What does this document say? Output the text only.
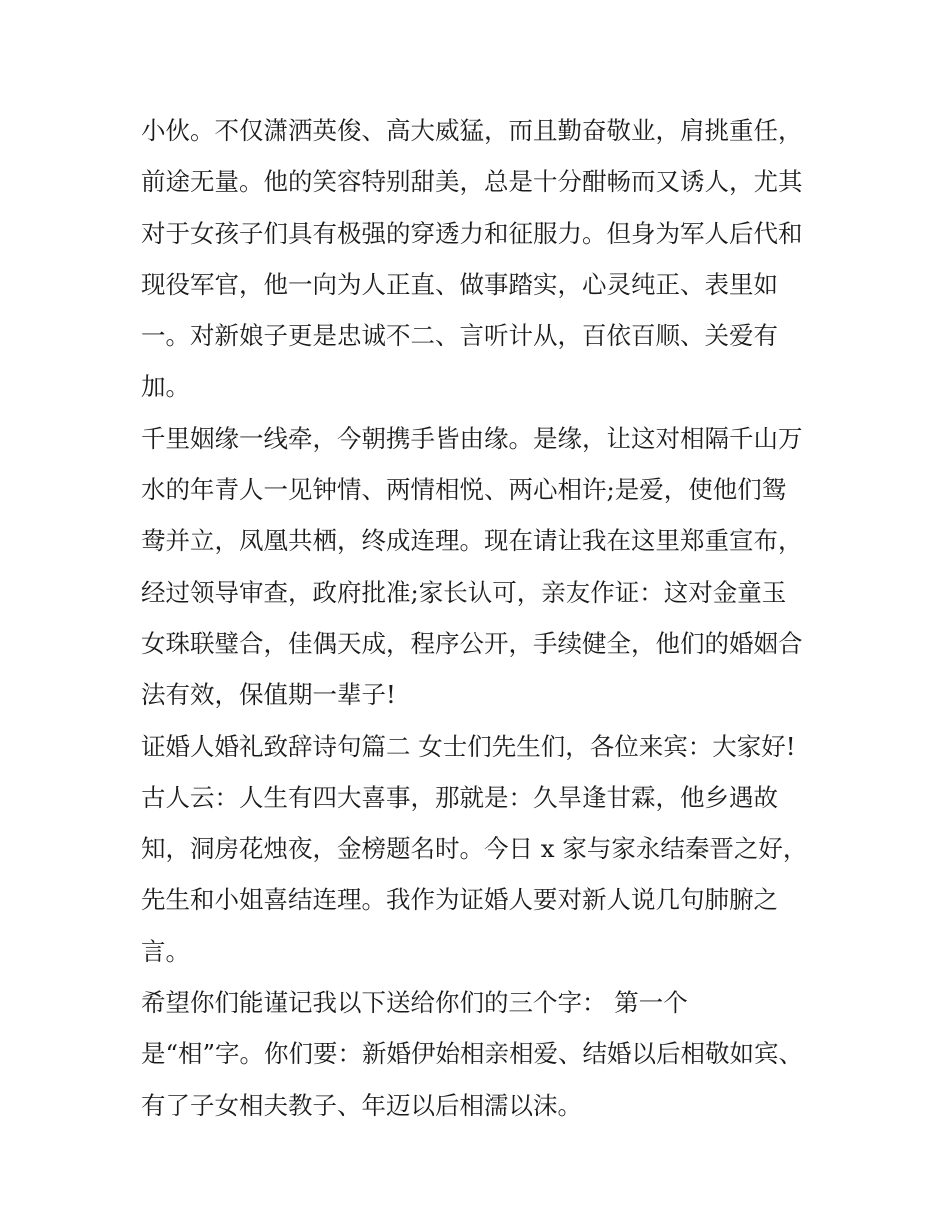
小伙。不仅潇洒英俊、高大威猛，而且勤奋敬业，肩挑重任，
前途无量。他的笑容特别甜美，总是十分酣畅而又诱人，尤其
对于女孩子们具有极强的穿透力和征服力。但身为军人后代和
现役军官，他一向为人正直、做事踏实，心灵纯正、表里如
一。对新娘子更是忠诚不二、言听计从，百依百顺、关爱有
加。
千里姻缘一线牵，今朝携手皆由缘。是缘，让这对相隔千山万
水的年青人一见钟情、两情相悦、两心相许;是爱，使他们鸳
鸯并立，凤凰共栖，终成连理。现在请让我在这里郑重宣布，
经过领导审查，政府批准;家长认可，亲友作证：这对金童玉
女珠联璧合，佳偶天成，程序公开，手续健全，他们的婚姻合
法有效，保值期一辈子!
证婚人婚礼致辞诗句篇二 女士们先生们，各位来宾：大家好!
古人云：人生有四大喜事，那就是：久旱逢甘霖，他乡遇故
知，洞房花烛夜，金榜题名时。今日 x 家与家永结秦晋之好，
先生和小姐喜结连理。我作为证婚人要对新人说几句肺腑之
言。
希望你们能谨记我以下送给你们的三个字： 第一个
是“相”字。你们要：新婚伊始相亲相爱、结婚以后相敬如宾、
有了子女相夫教子、年迈以后相濡以沫。
